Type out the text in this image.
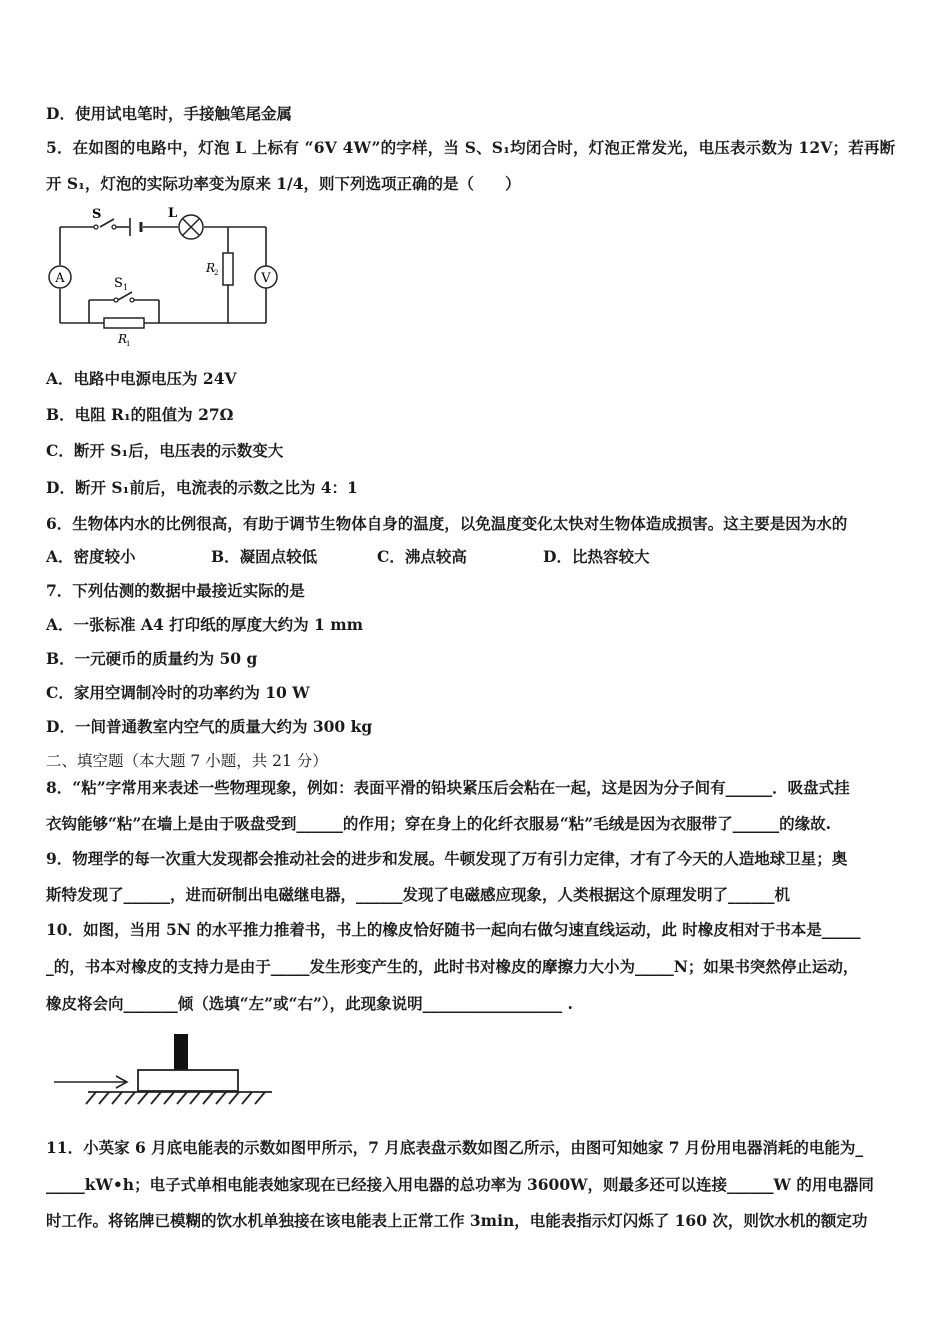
D．使用试电笔时，手接触笔尾金属
5．在如图的电路中，灯泡 L 上标有 “6V 4W”的字样，当 S、S₁均闭合时，灯泡正常发光，电压表示数为 12V；若再断
开 S₁，灯泡的实际功率变为原来 1/4，则下列选项正确的是（　　）
A	V
S	L
S 1
R
2
R
1
A．电路中电源电压为 24V
B．电阻 R₁的阻值为 27Ω
C．断开 S₁后，电压表的示数变大
D．断开 S₁前后，电流表的示数之比为 4：1
6．生物体内水的比例很高，有助于调节生物体自身的温度，以免温度变化太快对生物体造成损害。这主要是因为水的
A．密度较小	B．凝固点较低	C．沸点较高	D．比热容较大
7．下列估测的数据中最接近实际的是
A．一张标准 A4 打印纸的厚度大约为 1 mm
B．一元硬币的质量约为 50 g
C．家用空调制冷时的功率约为 10 W
D．一间普通教室内空气的质量大约为 300 kg
二、填空题（本大题 7 小题，共 21 分）
8．“粘”字常用来表述一些物理现象，例如：表面平滑的铅块紧压后会粘在一起，这是因为分子间有______．吸盘式挂
衣钩能够“粘”在墙上是由于吸盘受到______的作用；穿在身上的化纤衣服易“粘”毛绒是因为衣服带了______的缘故.
9．物理学的每一次重大发现都会推动社会的进步和发展。牛顿发现了万有引力定律，才有了今天的人造地球卫星；奥
斯特发现了______，进而研制出电磁继电器，______发现了电磁感应现象，人类根据这个原理发明了______机
10．如图，当用 5N 的水平推力推着书，书上的橡皮恰好随书一起向右做匀速直线运动，此 时橡皮相对于书本是_____
_的，书本对橡皮的支持力是由于_____发生形变产生的，此时书对橡皮的摩擦力大小为_____N；如果书突然停止运动，
橡皮将会向_______倾（选填“左”或“右”），此现象说明__________________ .
11．小英家 6 月底电能表的示数如图甲所示，7 月底表盘示数如图乙所示，由图可知她家 7 月份用电器消耗的电能为_
_____kW•h；电子式单相电能表她家现在已经接入用电器的总功率为 3600W，则最多还可以连接______W 的用电器同
时工作。将铭牌已模糊的饮水机单独接在该电能表上正常工作 3min，电能表指示灯闪烁了 160 次，则饮水机的额定功
